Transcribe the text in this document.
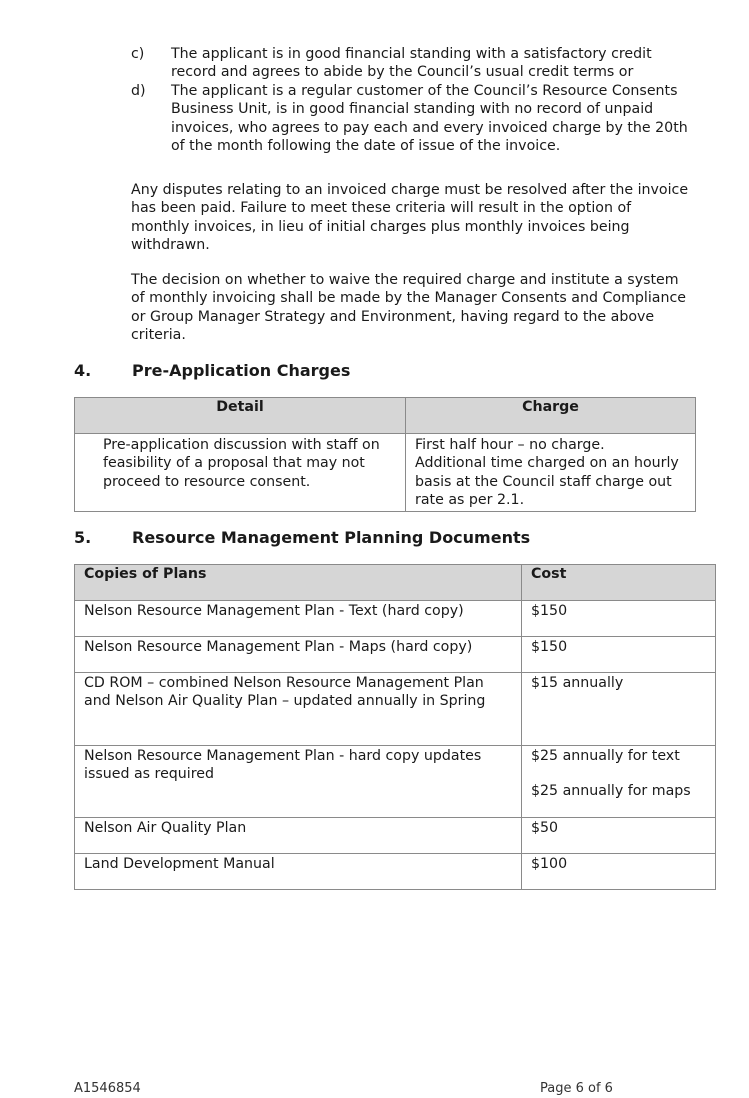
c) The applicant is in good financial standing with a satisfactory credit record and agrees to abide by the Council’s usual credit terms or
d) The applicant is a regular customer of the Council’s Resource Consents Business Unit, is in good financial standing with no record of unpaid invoices, who agrees to pay each and every invoiced charge by the 20th of the month following the date of issue of the invoice.
Any disputes relating to an invoiced charge must be resolved after the invoice has been paid. Failure to meet these criteria will result in the option of monthly invoices, in lieu of initial charges plus monthly invoices being withdrawn.
The decision on whether to waive the required charge and institute a system of monthly invoicing shall be made by the Manager Consents and Compliance or Group Manager Strategy and Environment, having regard to the above criteria.
4.	Pre-Application Charges
Detail	Charge

Pre-application discussion with staff on feasibility of a proposal that may not proceed to resource consent.	First half hour – no charge. Additional time charged on an hourly basis at the Council staff charge out rate as per 2.1.
5.	Resource Management Planning Documents
Copies of Plans	Cost

Nelson Resource Management Plan - Text (hard copy)	$150

Nelson Resource Management Plan - Maps (hard copy)	$150

CD ROM – combined Nelson Resource Management Plan and Nelson Air Quality Plan – updated annually in Spring	$15 annually

Nelson Resource Management Plan - hard copy updates issued as required	$25 annually for text
$25 annually for maps

Nelson Air Quality Plan	$50

Land Development Manual	$100
A1546854	Page 6 of 6
